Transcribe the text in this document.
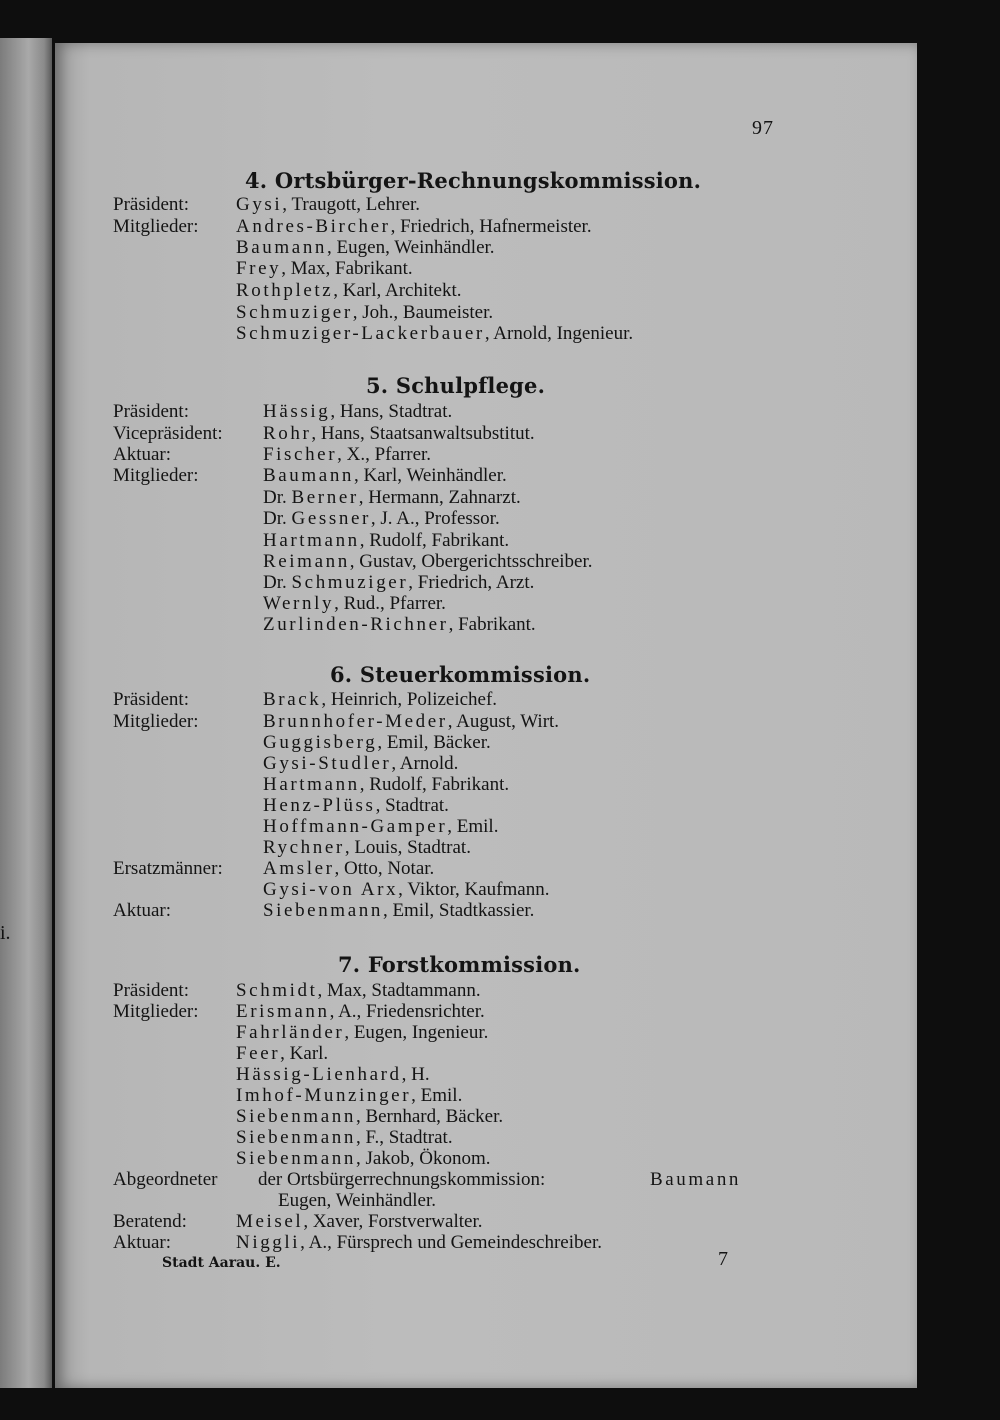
i.
97
4. Ortsbürger-Rechnungskommission.
Präsident: Gysi, Traugott, Lehrer.
Mitglieder: Andres-Bircher, Friedrich, Hafnermeister.
Baumann, Eugen, Weinhändler.
Frey, Max, Fabrikant.
Rothpletz, Karl, Architekt.
Schmuziger, Joh., Baumeister.
Schmuziger-Lackerbauer, Arnold, Ingenieur.
5. Schulpflege.
Präsident:	Hässig, Hans, Stadtrat.
Vicepräsident: Rohr, Hans, Staatsanwaltsubstitut.
Aktuar:	Fischer, X., Pfarrer.
Mitglieder:	Baumann, Karl, Weinhändler.
Dr. Berner, Hermann, Zahnarzt.
Dr. Gessner, J. A., Professor.
Hartmann, Rudolf, Fabrikant.
Reimann, Gustav, Obergerichtsschreiber.
Dr. Schmuziger, Friedrich, Arzt.
Wernly, Rud., Pfarrer.
Zurlinden-Richner, Fabrikant.
6. Steuerkommission.
Präsident:	Brack, Heinrich, Polizeichef.
Mitglieder:	Brunnhofer-Meder, August, Wirt.
Guggisberg, Emil, Bäcker.
Gysi-Studler, Arnold.
Hartmann, Rudolf, Fabrikant.
Henz-Plüss, Stadtrat.
Hoffmann-Gamper, Emil.
Rychner, Louis, Stadtrat.
Ersatzmänner: Amsler, Otto, Notar.
Gysi-von Arx, Viktor, Kaufmann.
Aktuar:	Siebenmann, Emil, Stadtkassier.
7. Forstkommission.
Präsident: Schmidt, Max, Stadtammann.
Mitglieder: Erismann, A., Friedensrichter.
Fahrländer, Eugen, Ingenieur.
Feer, Karl.
Hässig-Lienhard, H.
Imhof-Munzinger, Emil.
Siebenmann, Bernhard, Bäcker.
Siebenmann, F., Stadtrat.
Siebenmann, Jakob, Ökonom.
Abgeordneter der Ortsbürgerrechnungskommission:	Baumann
Eugen, Weinhändler.
Beratend:	Meisel, Xaver, Forstverwalter.
Aktuar:	Niggli, A., Fürsprech und Gemeindeschreiber.
Stadt Aarau. E.	7
